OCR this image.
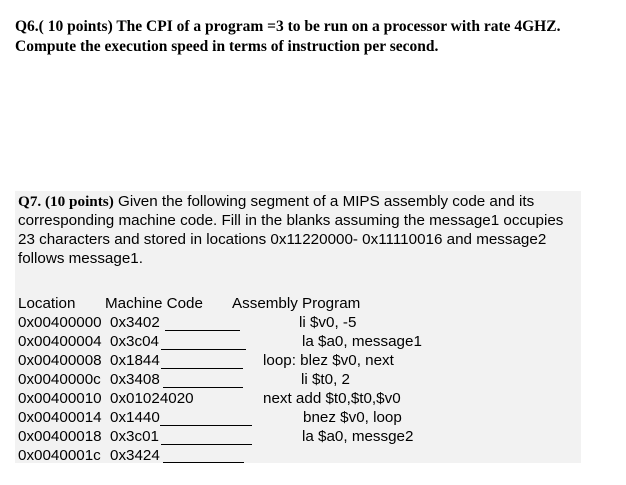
Q6.( 10 points) The CPI of a program =3 to be run on a processor with rate 4GHZ. Compute the execution speed in terms of instruction per second.
Q7. (10 points) Given the following segment of a MIPS assembly code and its corresponding machine code. Fill in the blanks assuming the message1 occupies 23 characters and stored in locations 0x11220000- 0x11110016 and message2 follows message1.
Location Machine Code Assembly Program
0x00400000 0x3402	li $v0, -5
0x00400004 0x3c04	la $a0, message1
0x00400008 0x1844	loop: blez $v0, next
0x0040000c 0x3408	li $t0, 2
0x00400010 0x01024020	next add $t0,$t0,$v0
0x00400014 0x1440	bnez $v0, loop
0x00400018 0x3c01	la $a0, messge2
0x0040001c 0x3424
